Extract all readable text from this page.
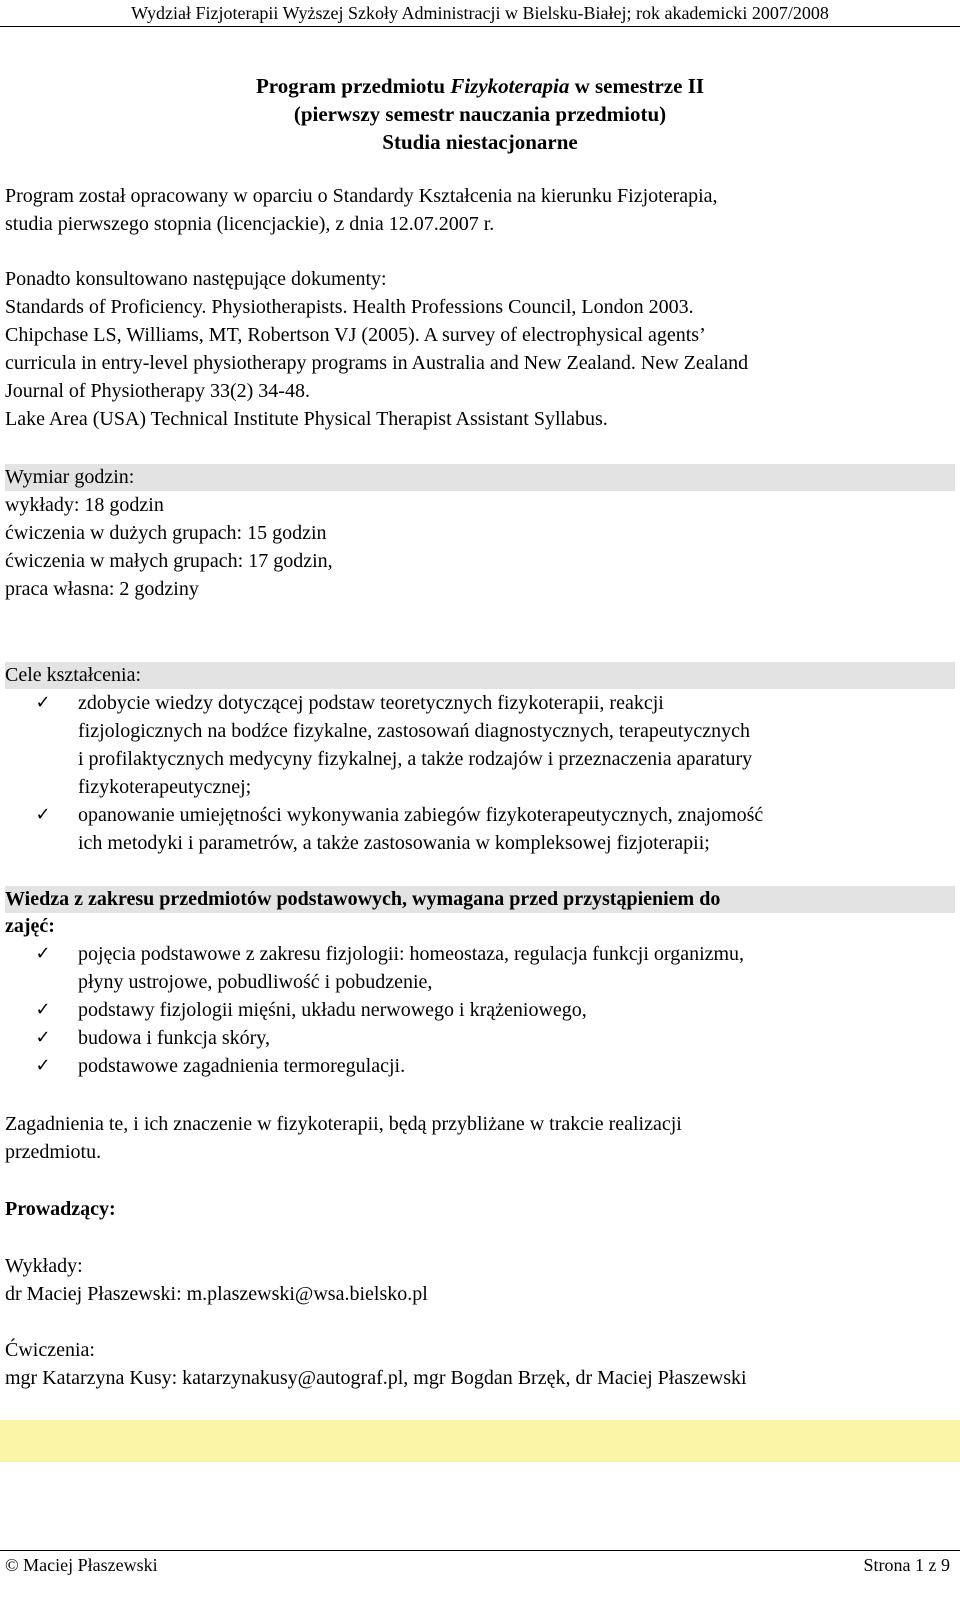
Wydział Fizjoterapii Wyższej Szkoły Administracji w Bielsku-Białej; rok akademicki 2007/2008
Program przedmiotu Fizykoterapia w semestrze II
(pierwszy semestr nauczania przedmiotu)
Studia niestacjonarne
Program został opracowany w oparciu o Standardy Kształcenia na kierunku Fizjoterapia,
studia pierwszego stopnia (licencjackie), z dnia 12.07.2007 r.
Ponadto konsultowano następujące dokumenty:
Standards of Proficiency. Physiotherapists. Health Professions Council, London 2003.
Chipchase LS, Williams, MT, Robertson VJ (2005). A survey of electrophysical agents’
curricula in entry-level physiotherapy programs in Australia and New Zealand. New Zealand
Journal of Physiotherapy 33(2) 34-48.
Lake Area (USA) Technical Institute Physical Therapist Assistant Syllabus.
Wymiar godzin:
wykłady: 18 godzin
ćwiczenia w dużych grupach: 15 godzin
ćwiczenia w małych grupach: 17 godzin,
praca własna: 2 godziny
Cele kształcenia:
✓ zdobycie wiedzy dotyczącej podstaw teoretycznych fizykoterapii, reakcji
fizjologicznych na bodźce fizykalne, zastosowań diagnostycznych, terapeutycznych
i profilaktycznych medycyny fizykalnej, a także rodzajów i przeznaczenia aparatury
fizykoterapeutycznej;
✓ opanowanie umiejętności wykonywania zabiegów fizykoterapeutycznych, znajomość
ich metodyki i parametrów, a także zastosowania w kompleksowej fizjoterapii;
Wiedza z zakresu przedmiotów podstawowych, wymagana przed przystąpieniem do
zajęć:
✓ pojęcia podstawowe z zakresu fizjologii: homeostaza, regulacja funkcji organizmu,
płyny ustrojowe, pobudliwość i pobudzenie,
✓ podstawy fizjologii mięśni, układu nerwowego i krążeniowego,
✓ budowa i funkcja skóry,
✓ podstawowe zagadnienia termoregulacji.
Zagadnienia te, i ich znaczenie w fizykoterapii, będą przybliżane w trakcie realizacji
przedmiotu.
Prowadzący:
Wykłady:
dr Maciej Płaszewski: m.plaszewski@wsa.bielsko.pl
Ćwiczenia:
mgr Katarzyna Kusy: katarzynakusy@autograf.pl, mgr Bogdan Brzęk, dr Maciej Płaszewski
© Maciej Płaszewski	Strona 1 z 9
